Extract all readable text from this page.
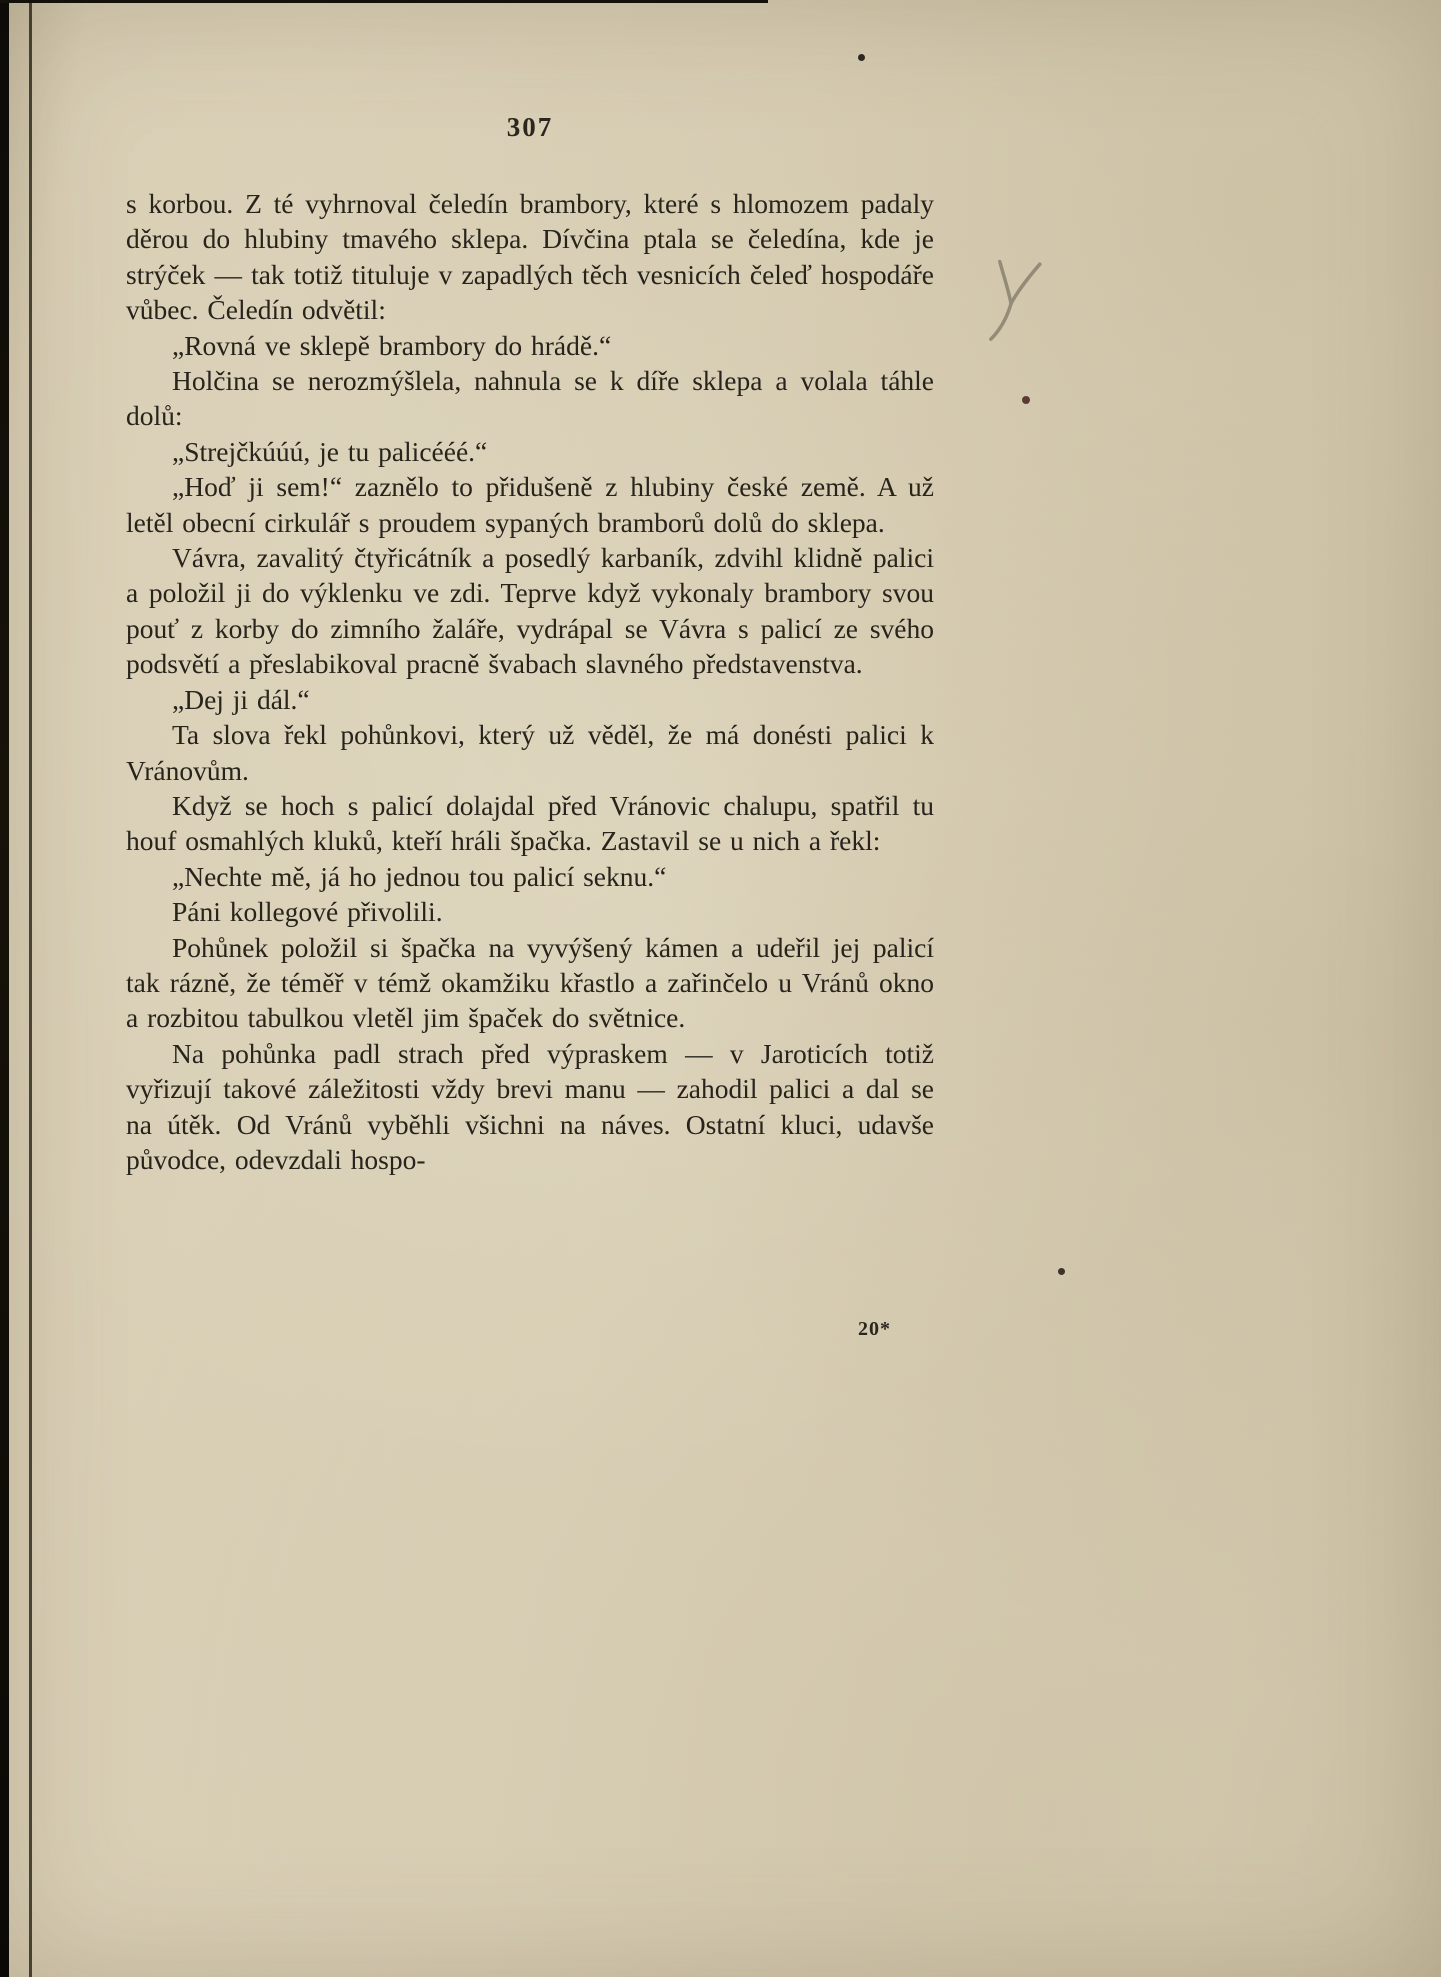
307

s korbou. Z té vyhrnoval čeledín brambory, které s hlomozem padaly děrou do hlubiny tmavého sklepa. Dívčina ptala se čeledína, kde je strýček — tak totiž tituluje v zapadlých těch vesnicích čeleď hospodáře vůbec. Čeledín odvětil:

„Rovná ve sklepě brambory do hrádě.“

Holčina se nerozmýšlela, nahnula se k díře sklepa a volala táhle dolů:

„Strejčkúúú, je tu palicééé.“

„Hoď ji sem!“ zaznělo to přidušeně z hlubiny české země. A už letěl obecní cirkulář s proudem sypaných bramborů dolů do sklepa.

Vávra, zavalitý čtyřicátník a posedlý karbaník, zdvihl klidně palici a položil ji do výklenku ve zdi. Teprve když vykonaly brambory svou pouť z korby do zimního žaláře, vydrápal se Vávra s palicí ze svého podsvětí a přeslabikoval pracně švabach slavného představenstva.

„Dej ji dál.“

Ta slova řekl pohůnkovi, který už věděl, že má donésti palici k Vránovům.

Když se hoch s palicí dolajdal před Vránovic chalupu, spatřil tu houf osmahlých kluků, kteří hráli špačka. Zastavil se u nich a řekl:

„Nechte mě, já ho jednou tou palicí seknu.“

Páni kollegové přivolili.

Pohůnek položil si špačka na vyvýšený kámen a udeřil jej palicí tak rázně, že téměř v témž okamžiku křastlo a zařinčelo u Vránů okno a rozbitou tabulkou vletěl jim špaček do světnice.

Na pohůnka padl strach před výpraskem — v Jaroticích totiž vyřizují takové záležitosti vždy brevi manu — zahodil palici a dal se na útěk. Od Vránů vyběhli všichni na náves. Ostatní kluci, udavše původce, odevzdali hospo-

20*
